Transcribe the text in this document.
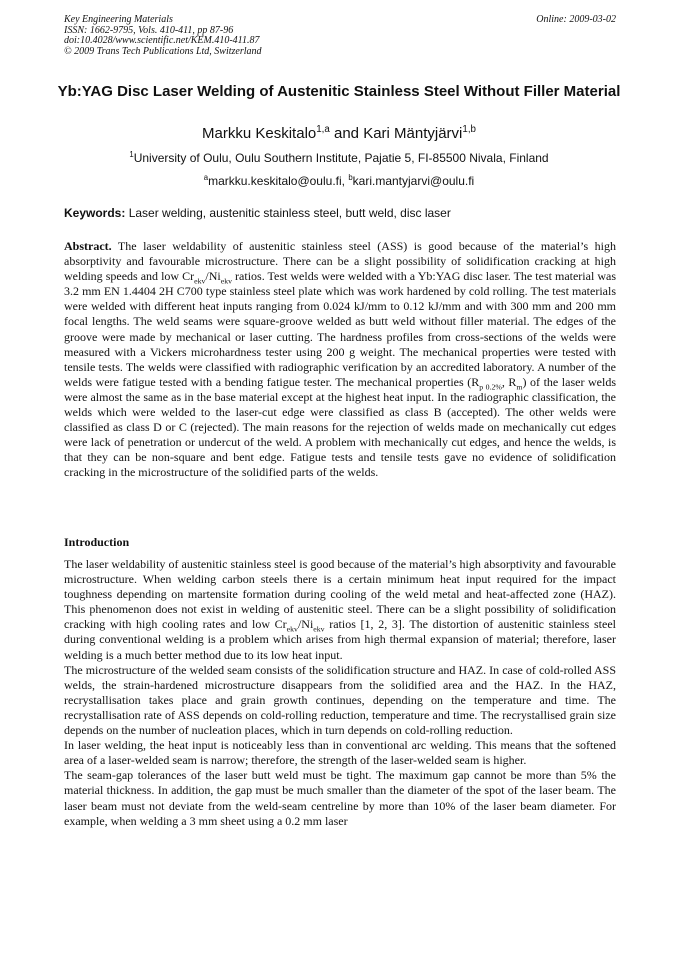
Key Engineering Materials
ISSN: 1662-9795, Vols. 410-411, pp 87-96
doi:10.4028/www.scientific.net/KEM.410-411.87
© 2009 Trans Tech Publications Ltd, Switzerland
Online: 2009-03-02
Yb:YAG Disc Laser Welding of Austenitic Stainless Steel Without Filler Material
Markku Keskitalo$^{1,a}$ and Kari Mäntyjärvi$^{1,b}$
$^1$University of Oulu, Oulu Southern Institute, Pajatie 5, FI-85500 Nivala, Finland
$^a$markku.keskitalo@oulu.fi, $^b$kari.mantyjarvi@oulu.fi
Keywords: Laser welding, austenitic stainless steel, butt weld, disc laser
Abstract. The laser weldability of austenitic stainless steel (ASS) is good because of the material’s high absorptivity and favourable microstructure. There can be a slight possibility of solidification cracking at high welding speeds and low $Cr_{ekv}/Ni_{ekv}$ ratios. Test welds were welded with a Yb:YAG disc laser. The test material was 3.2 mm EN 1.4404 2H C700 type stainless steel plate which was work hardened by cold rolling. The test materials were welded with different heat inputs ranging from 0.024 kJ/mm to 0.12 kJ/mm and with 300 mm and 200 mm focal lengths. The weld seams were square-groove welded as butt weld without filler material. The edges of the groove were made by mechanical or laser cutting. The hardness profiles from cross-sections of the welds were measured with a Vickers microhardness tester using 200 g weight. The mechanical properties were tested with tensile tests. The welds were classified with radiographic verification by an accredited laboratory. A number of the welds were fatigue tested with a bending fatigue tester. The mechanical properties ($R_{p 0.2\%}$, $R_m$) of the laser welds were almost the same as in the base material except at the highest heat input. In the radiographic classification, the welds which were welded to the laser-cut edge were classified as class B (accepted). The other welds were classified as class D or C (rejected). The main reasons for the rejection of welds made on mechanically cut edges were lack of penetration or undercut of the weld. A problem with mechanically cut edges, and hence the welds, is that they can be non-square and bent edge. Fatigue tests and tensile tests gave no evidence of solidification cracking in the microstructure of the solidified parts of the welds.
Introduction

The laser weldability of austenitic stainless steel is good because of the material’s high absorptivity and favourable microstructure. When welding carbon steels there is a certain minimum heat input required for the impact toughness depending on martensite formation during cooling of the weld metal and heat-affected zone (HAZ). This phenomenon does not exist in welding of austenitic steel. There can be a slight possibility of solidification cracking with high cooling rates and low $Cr_{ekv}/Ni_{ekv}$ ratios [1, 2, 3]. The distortion of austenitic stainless steel during conventional welding is a problem which arises from high thermal expansion of material; therefore, laser welding is a much better method due to its low heat input.

The microstructure of the welded seam consists of the solidification structure and HAZ. In case of cold-rolled ASS welds, the strain-hardened microstructure disappears from the solidified area and the HAZ. In the HAZ, recrystallisation takes place and grain growth continues, depending on the temperature and time. The recrystallisation rate of ASS depends on cold-rolling reduction, temperature and time. The recrystallised grain size depends on the number of nucleation places, which in turn depends on cold-rolling reduction.

In laser welding, the heat input is noticeably less than in conventional arc welding. This means that the softened area of a laser-welded seam is narrow; therefore, the strength of the laser-welded seam is higher.

The seam-gap tolerances of the laser butt weld must be tight. The maximum gap cannot be more than 5% the material thickness. In addition, the gap must be much smaller than the diameter of the spot of the laser beam. The laser beam must not deviate from the weld-seam centreline by more than 10% of the laser beam diameter. For example, when welding a 3 mm sheet using a 0.2 mm laser
